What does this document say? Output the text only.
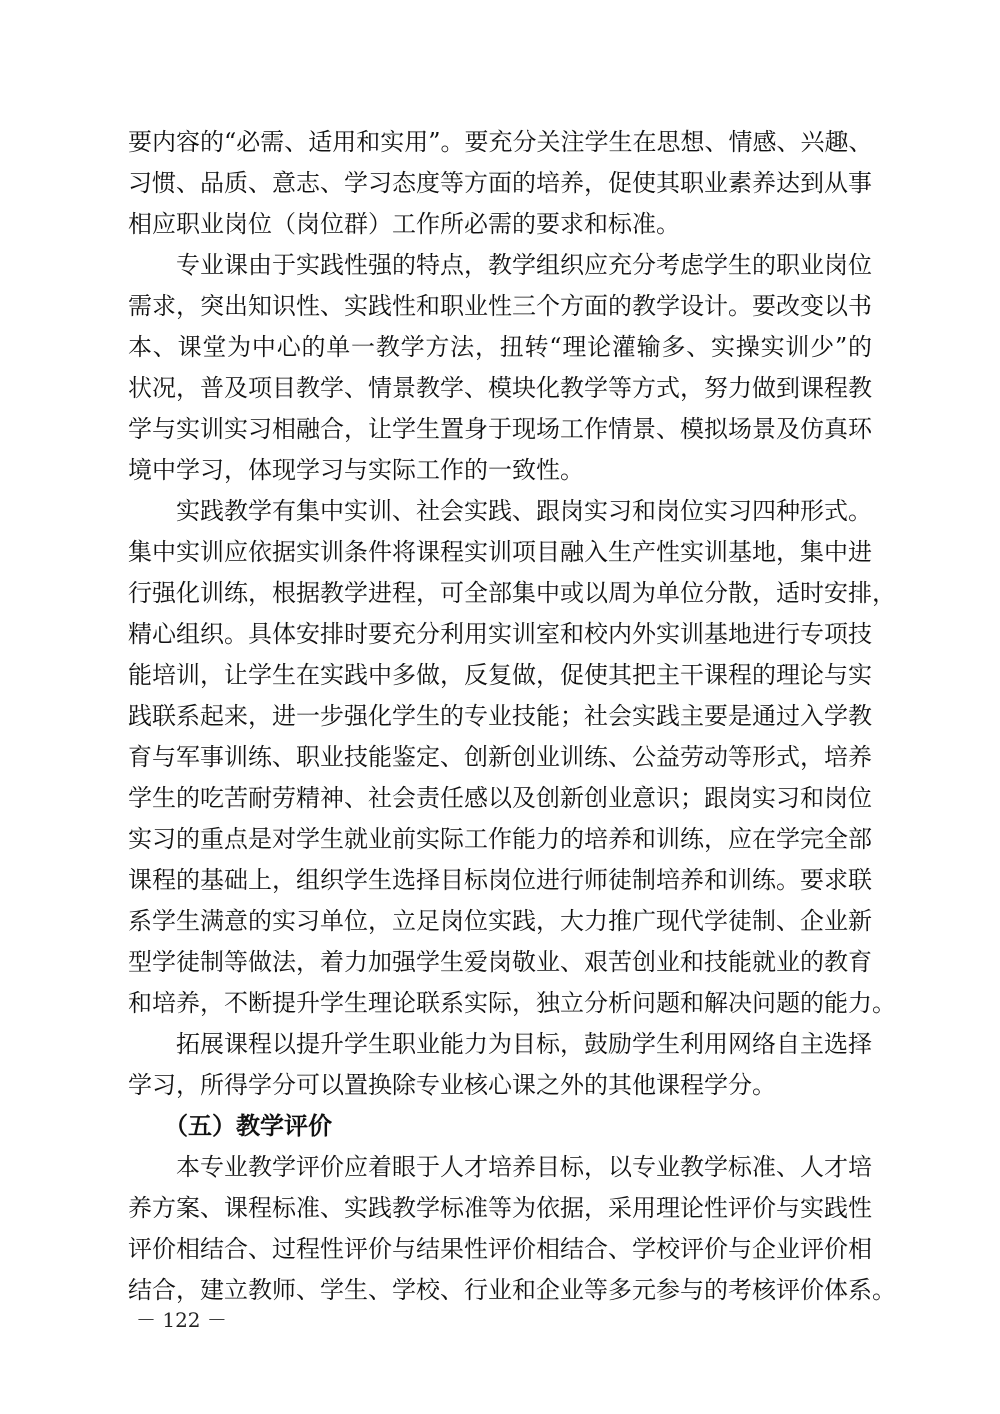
要内容的“必需、适用和实用”。要充分关注学生在思想、情感、兴趣、
习惯、品质、意志、学习态度等方面的培养，促使其职业素养达到从事
相应职业岗位（岗位群）工作所必需的要求和标准。
专业课由于实践性强的特点，教学组织应充分考虑学生的职业岗位
需求，突出知识性、实践性和职业性三个方面的教学设计。要改变以书
本、课堂为中心的单一教学方法，扭转“理论灌输多、实操实训少”的
状况，普及项目教学、情景教学、模块化教学等方式，努力做到课程教
学与实训实习相融合，让学生置身于现场工作情景、模拟场景及仿真环
境中学习，体现学习与实际工作的一致性。
实践教学有集中实训、社会实践、跟岗实习和岗位实习四种形式。
集中实训应依据实训条件将课程实训项目融入生产性实训基地，集中进
行强化训练，根据教学进程，可全部集中或以周为单位分散，适时安排，
精心组织。具体安排时要充分利用实训室和校内外实训基地进行专项技
能培训，让学生在实践中多做，反复做，促使其把主干课程的理论与实
践联系起来，进一步强化学生的专业技能；社会实践主要是通过入学教
育与军事训练、职业技能鉴定、创新创业训练、公益劳动等形式，培养
学生的吃苦耐劳精神、社会责任感以及创新创业意识；跟岗实习和岗位
实习的重点是对学生就业前实际工作能力的培养和训练，应在学完全部
课程的基础上，组织学生选择目标岗位进行师徒制培养和训练。要求联
系学生满意的实习单位，立足岗位实践，大力推广现代学徒制、企业新
型学徒制等做法，着力加强学生爱岗敬业、艰苦创业和技能就业的教育
和培养，不断提升学生理论联系实际，独立分析问题和解决问题的能力。
拓展课程以提升学生职业能力为目标，鼓励学生利用网络自主选择
学习，所得学分可以置换除专业核心课之外的其他课程学分。
（五）教学评价
本专业教学评价应着眼于人才培养目标，以专业教学标准、人才培
养方案、课程标准、实践教学标准等为依据，采用理论性评价与实践性
评价相结合、过程性评价与结果性评价相结合、学校评价与企业评价相
结合，建立教师、学生、学校、行业和企业等多元参与的考核评价体系。
－ 122 －
